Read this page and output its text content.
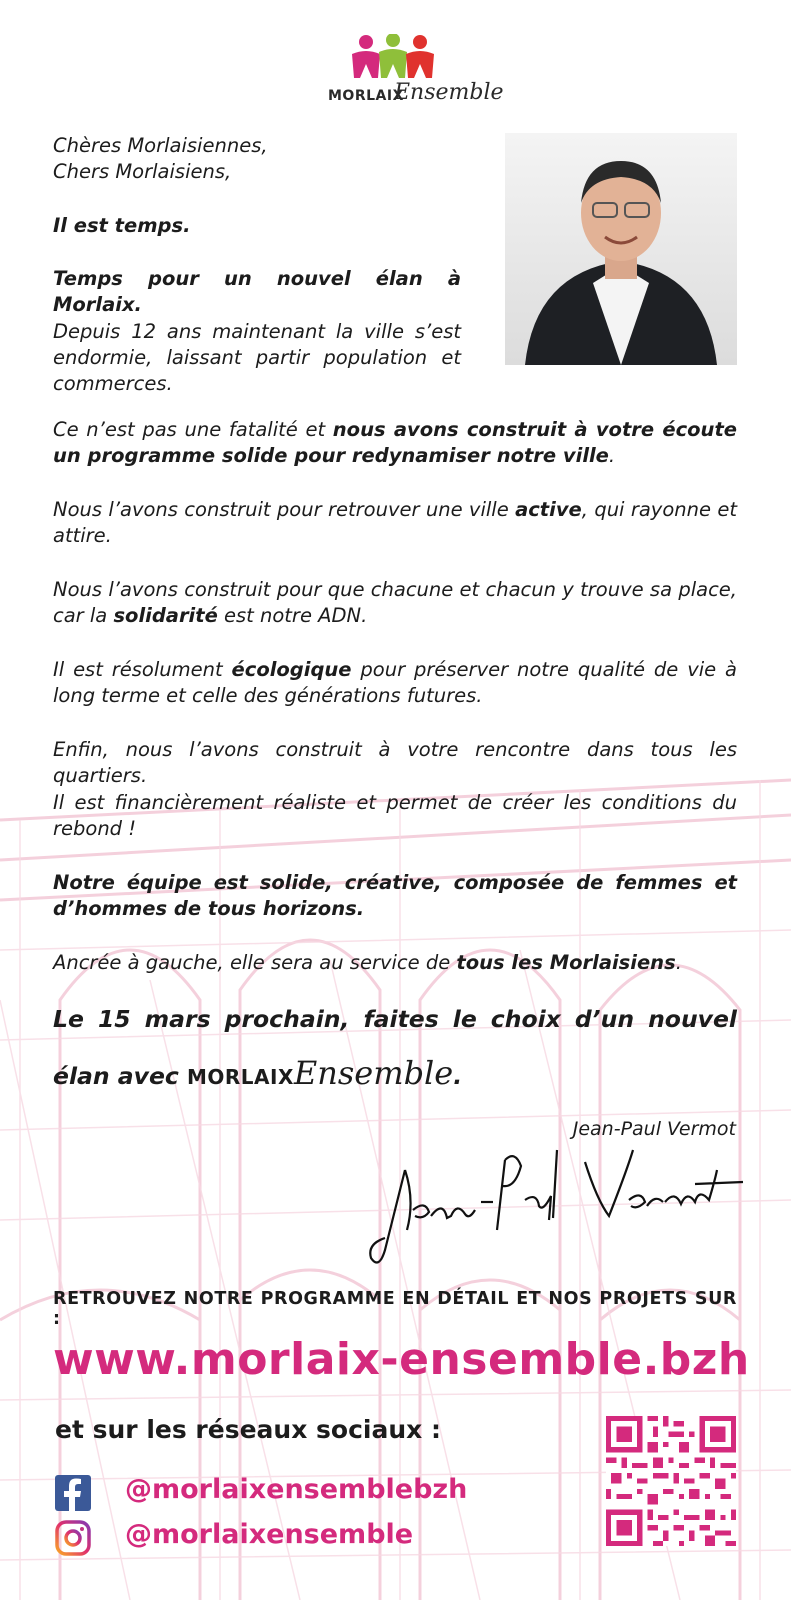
MORLAIX
Ensemble
Chères Morlaisiennes,
Chers Morlaisiens,
Il est temps.
Temps pour un nouvel élan à Morlaix.
Depuis 12 ans maintenant la ville s’est endormie, laissant partir population et commerces.
Ce n’est pas une fatalité et nous avons construit à votre écoute un programme solide pour redynamiser notre ville.
Nous l’avons construit pour retrouver une ville active, qui rayonne et attire.
Nous l’avons construit pour que chacune et chacun y trouve sa place, car la solidarité est notre ADN.
Il est résolument écologique pour préserver notre qualité de vie à long terme et celle des générations futures.
Enfin, nous l’avons construit à votre rencontre dans tous les quartiers.
Il est financièrement réaliste et permet de créer les conditions du rebond !
Notre équipe est solide, créative, composée de femmes et d’hommes de tous horizons.
Ancrée à gauche, elle sera au service de tous les Morlaisiens.
Le 15 mars prochain, faites le choix d’un nouvel élan avec MORLAIXEnsemble.
Jean-Paul Vermot
RETROUVEZ NOTRE PROGRAMME EN DÉTAIL ET NOS PROJETS SUR :
www.morlaix-ensemble.bzh
et sur les réseaux sociaux :
@morlaixensemblebzh
@morlaixensemble
